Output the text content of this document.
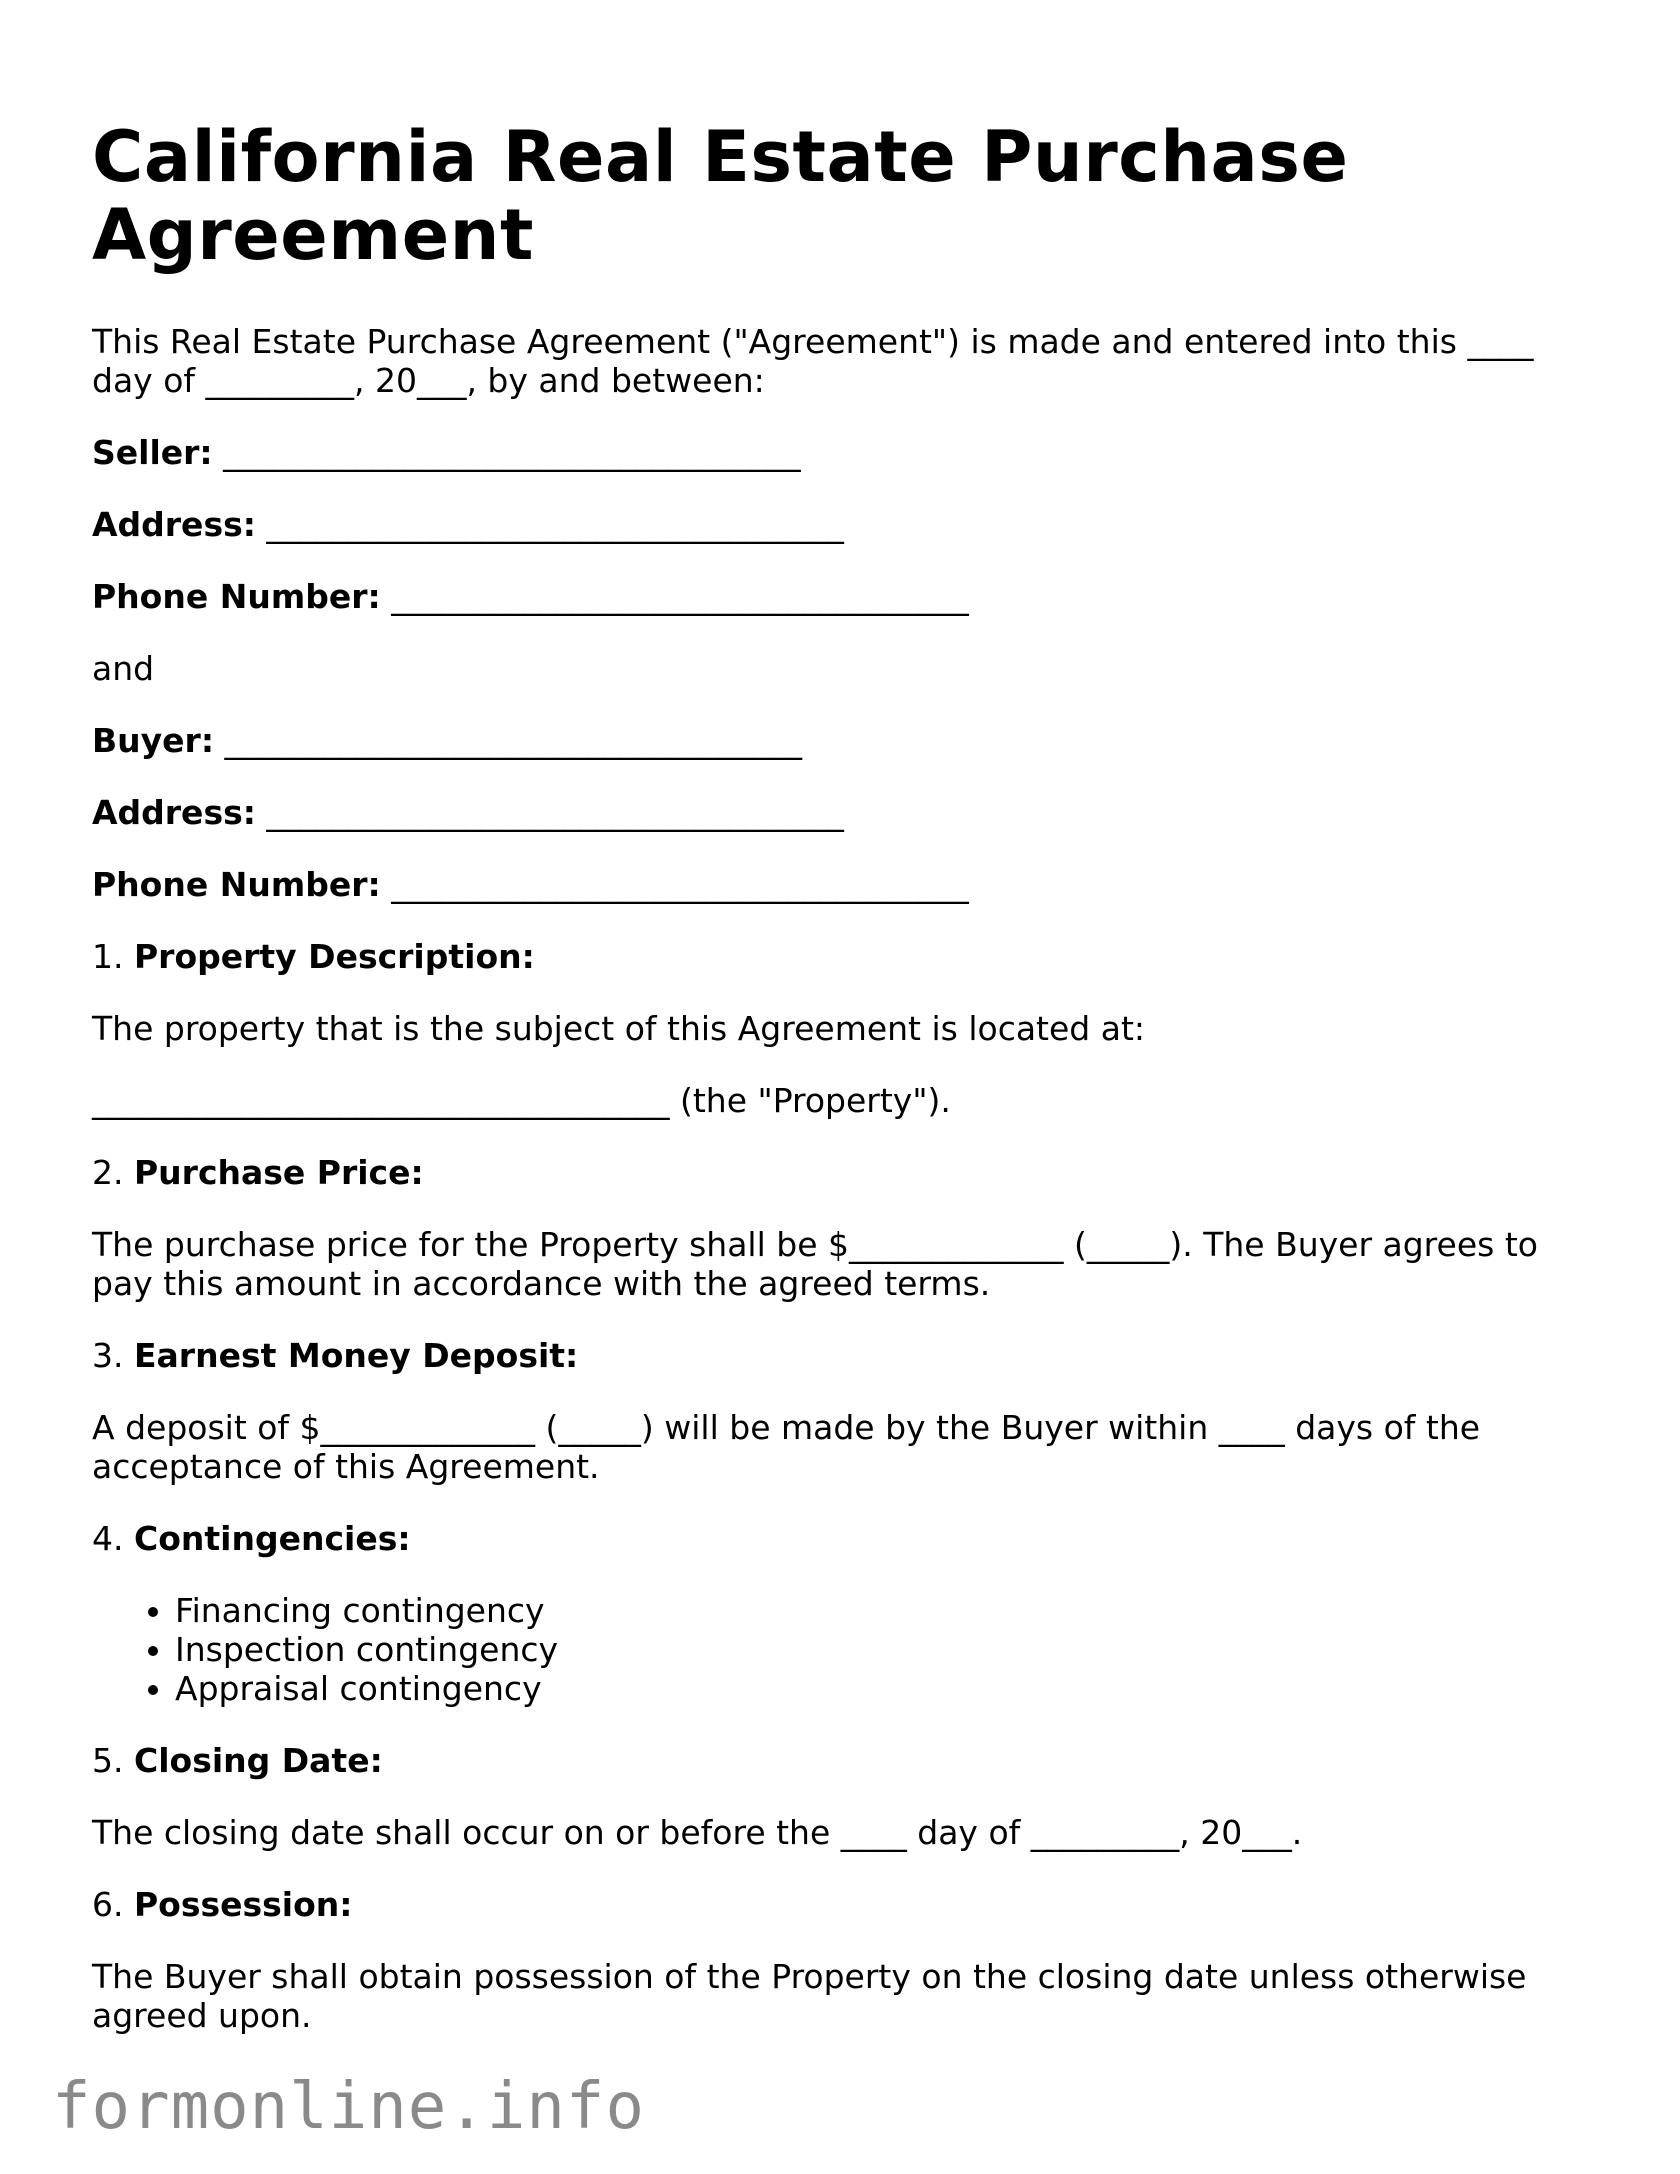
California Real Estate Purchase Agreement

This Real Estate Purchase Agreement ("Agreement") is made and entered into this ____ day of _________, 20___, by and between:

Seller: ___________________________________

Address: ___________________________________

Phone Number: ___________________________________

and

Buyer: ___________________________________

Address: ___________________________________

Phone Number: ___________________________________

1. Property Description:

The property that is the subject of this Agreement is located at:

___________________________________ (the "Property").

2. Purchase Price:

The purchase price for the Property shall be $_____________ (_____). The Buyer agrees to pay this amount in accordance with the agreed terms.

3. Earnest Money Deposit:

A deposit of $_____________ (_____) will be made by the Buyer within ____ days of the acceptance of this Agreement.

4. Contingencies:

• Financing contingency
• Inspection contingency
• Appraisal contingency

5. Closing Date:

The closing date shall occur on or before the ____ day of _________, 20___.

6. Possession:

The Buyer shall obtain possession of the Property on the closing date unless otherwise agreed upon.

formonline.info
